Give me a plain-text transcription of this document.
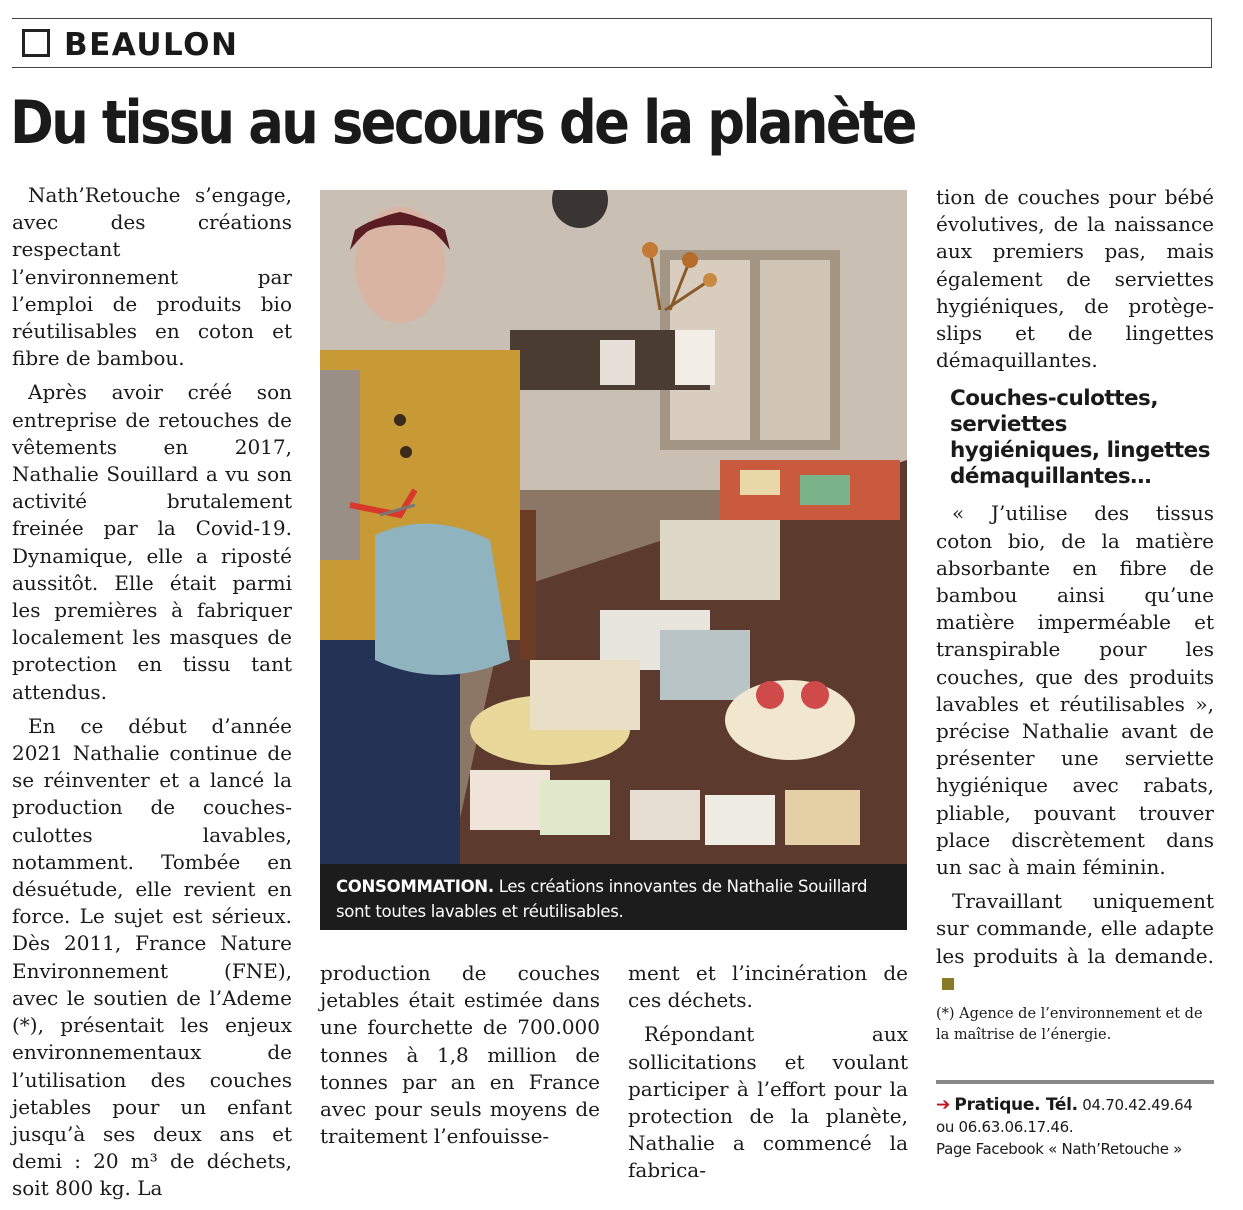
BEAULON
Du tissu au secours de la planète

Nath’Retouche s’engage, avec des créations respectant l’environnement par l’emploi de produits bio réutilisables en coton et fibre de bambou.

Après avoir créé son entreprise de retouches de vêtements en 2017, Nathalie Souillard a vu son activité brutalement freinée par la Covid-19. Dynamique, elle a riposté aussitôt. Elle était parmi les premières à fabriquer localement les masques de protection en tissu tant attendus.

En ce début d’année 2021 Nathalie continue de se réinventer et a lancé la production de couches-culottes lavables, notamment. Tombée en désuétude, elle revient en force. Le sujet est sérieux. Dès 2011, France Nature Environnement (FNE), avec le soutien de l’Ademe (*), présentait les enjeux environnementaux de l’utilisation des couches jetables pour un enfant jusqu’à ses deux ans et demi : 20 m³ de déchets, soit 800 kg. La

CONSOMMATION. Les créations innovantes de Nathalie Souillard sont toutes lavables et réutilisables.

production de couches jetables était estimée dans une fourchette de 700.000 tonnes à 1,8 million de tonnes par an en France avec pour seuls moyens de traitement l’enfouisse-

ment et l’incinération de ces déchets.

Répondant aux sollicitations et voulant participer à l’effort pour la protection de la planète, Nathalie a commencé la fabrica-

tion de couches pour bébé évolutives, de la naissance aux premiers pas, mais également de serviettes hygiéniques, de protège-slips et de lingettes démaquillantes.

Couches-culottes, serviettes hygiéniques, lingettes démaquillantes…

« J’utilise des tissus coton bio, de la matière absorbante en fibre de bambou ainsi qu’une matière imperméable et transpirable pour les couches, que des produits lavables et réutilisables », précise Nathalie avant de présenter une serviette hygiénique avec rabats, pliable, pouvant trouver place discrètement dans un sac à main féminin.

Travaillant uniquement sur commande, elle adapte les produits à la demande.

(*) Agence de l’environnement et de la maîtrise de l’énergie.

➔ Pratique. Tél. 04.70.42.49.64
ou 06.63.06.17.46.
Page Facebook « Nath’Retouche »
